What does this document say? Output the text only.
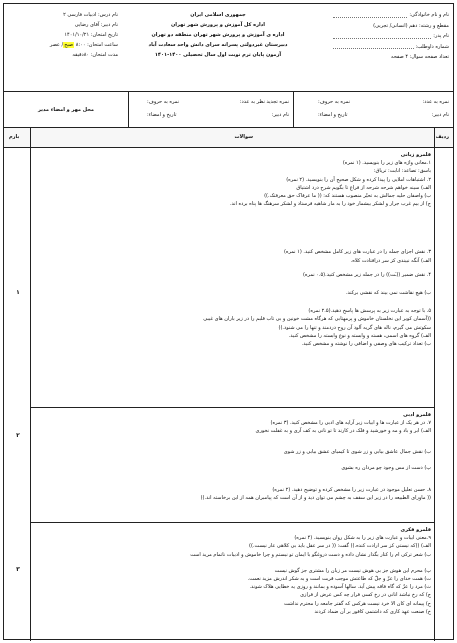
نام و نام خانوادگی:
مقطع و رشته: دهم (انسانی/ تجربی)
نام پدر:
شماره داوطلب:
تعداد صفحه سوال: ۴ صفحه
جمهوری اسلامی ایران
اداره کل آموزش و پرورش شهر تهران
اداره ی آموزش و پرورش شهر تهران منطقه دو تهران
دبیرستان غیردولتی پسرانه سرای دانش واحد سعادت آباد
آزمون پایان ترم نوبت اول سال تحصیلی ۱۴۰۰-۱۴۰۱
نام درس: ادبیات فارسی ۲
نام دبیر: آقای رضایی
تاریخ امتحان: ۱۴۰۱/۱۰/۲۱
ساعت امتحان: ۸:۰۰ صبح/ عصر
مدت امتحان: ۸۰دقیقه
نمره به عدد:
نمره به حروف:
نام دبیر:
تاریخ و امضاء:
نمره تجدید نظر به عدد:
نمره به حروف:
نام دبیر:
تاریخ و امضاء:
محل مهر و امضاء مدیر
ردیف
سوالات
بارم
۱
قلمرو زبانی
۱.معانی واژه های زیر را بنویسید. (۱ نمره)
باسق: تصاعد: انابت: تریاق:
۲. اشتباهات املایی را پیدا کرده و شکل صحیح آن را بنویسید. (۲ نمره)
الف) سینه خواهم شرحه شرحه از فراغ تا بگویم شرح درد اشتیاق
ب) واصفان حلیه جمالش به تحیّر منصوب هستند که: (( ما عرفاک حق معرفتک.))
ج) از بیم غرب جرار و لشکر بیشمار خود را به مار شاهیه فرستاد و لشکر سرهنگ ها پناه برده اند.
۳. نقش اجزای جمله را در عبارت های زیر کامل مشخص کنید. (۱ نمره)
الف) آنگه نبیندی کز سر درافتادت کلاه.
۴. نقش ضمیر ((ـَت)) را در جمله زیر مشخص کنید.(۰.۵ نمره)
ب) هیچ نقاشت نمی بیند که نقشی برکند.
۵. با توجه به عبارت زیر به پرسش ها پاسخ دهید.(۲.۵ نمره)
((آسمان کویر این نخلستان خاموش و پرمهتابی که هرگاه مشت خونین و بی تاب قلبم را در زیر باران های غیبی
سکوتش می گیرم، ناله های گریه آلود آن روح دردمند و تنها را می شنود.))
الف) گروه های اسمی، هسته و وابسته و نوع وابسته را مشخص کنید.
ب) تعداد ترکیب های وصفی و اضافی را نوشته و مشخص کنید.
۲
قلمرو ادبی
۷. در هر یک از عبارت ها و ابیات زیر آرایه های ادبی را مشخص کنید. (۳ نمره)
الف) ابر و باد و مه و خورشید و فلک در کارند تا تو نانی به کف آری و به غفلت نخوری
ب) نقش جمال عاشق بیابی و زر شوی تا کیمیای عشق بیابی و زر شوی
پ) دست از مس وجود چو مردان ره بشوی
۸. حسن تعلیل موجود در عبارت زیر را مشخص کرده و توضیح دهید. (۲ نمره)
(( ماورای الطبیعه را در زیر این سقف به چشم می توان دید و از آن است که پیامبران همه از این برخاسته اند.))
۳
قلمرو فکری
۹.معنی ابیات و عبارت های زیر را به شکل روان بنویسید. (۴ نمره)
الف) ((که نیستی کز سر ارادت کنده.)) گفت: (( در سر عقل باید بی کلاهی عار نیست.))
ب) شعر ترکی ام را کنار بگذار نشان داده و دست دروغگو با ایمان تو نیستم و چرا خاموش و ادبیات ناتمام مرید است
پ) محرم این هوش جز بی هوش نیست مر زبان را مشتری جز گوش نیست
ت) همت خدای را عزّ و جلّ که طاعتش موجب قربت است و به شکر اندرش مزید نعمت.
ث) مرد را عزّ که گاه فاقه پیش آید. سالها آسوده و بمانند و روزی یه خطایی هلاک شوند.
ج) که رخ نباشد انانی در رخ کسی فرار چه کس عرض از فرازی
ح) پیمانه ای کان الا خرد نیست هرکس که گفتر جامعه را محترم نداشت
خ) صنعت عهد کاری که داشتمی کافور بر آن ضماد کردند
